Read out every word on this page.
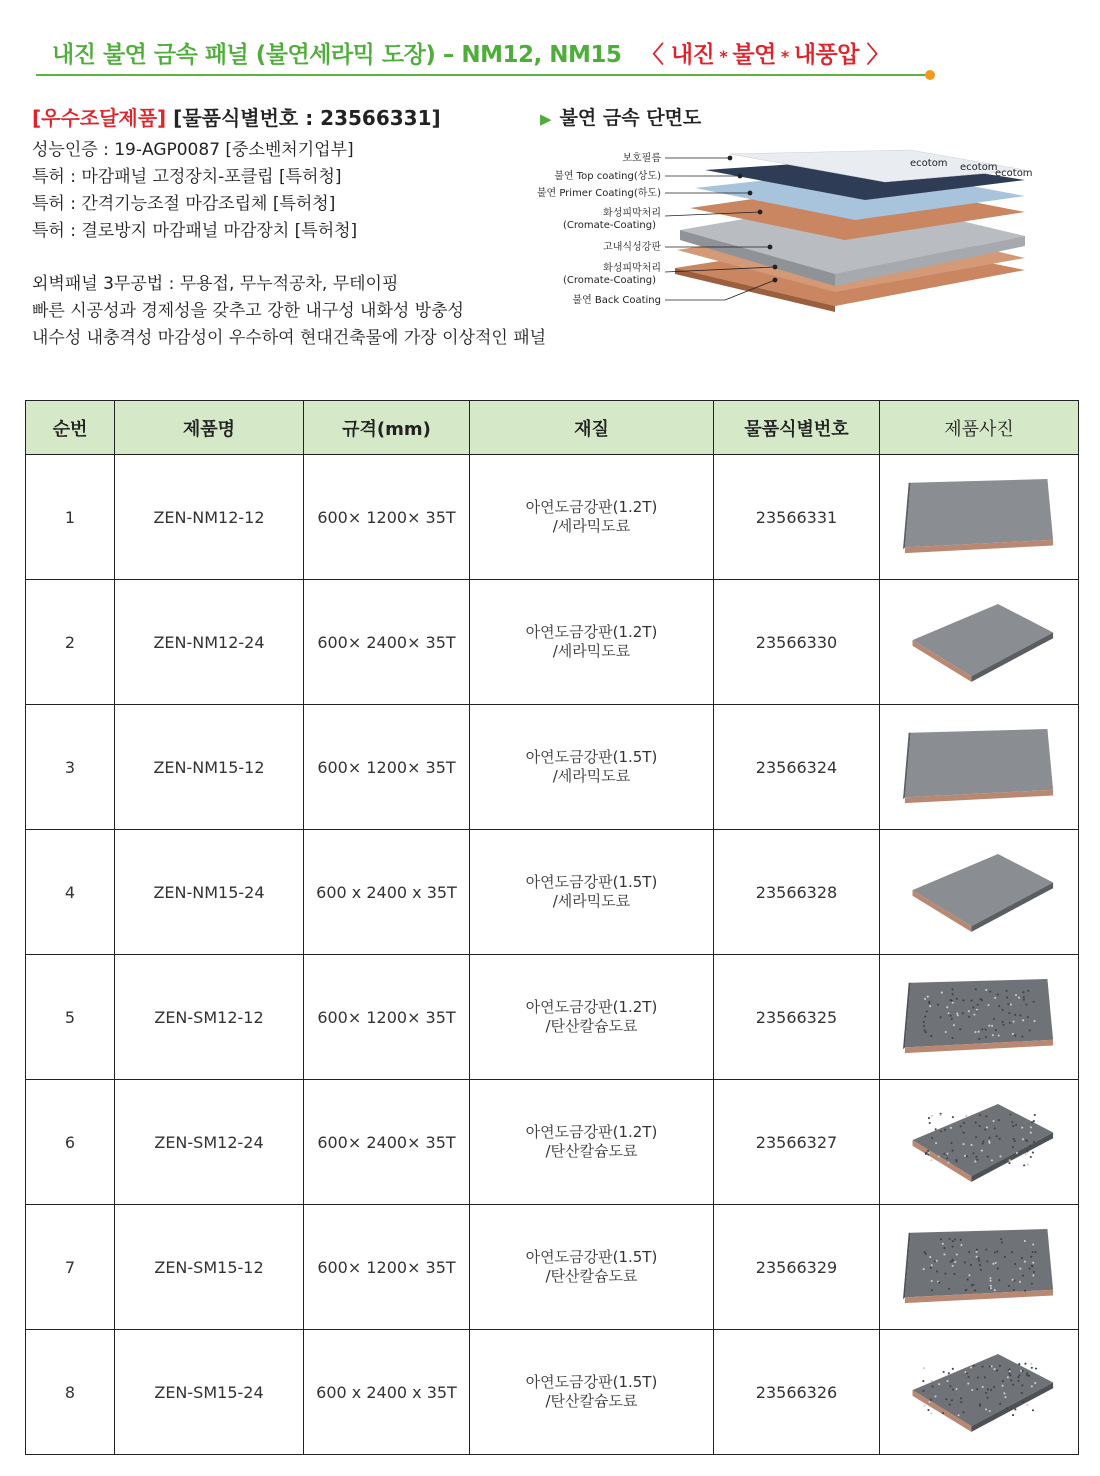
내진 불연 금속 패널 (불연세라믹 도장) – NM12, NM15 〈 내진 * 불연 * 내풍압 〉
[우수조달제품] [물품식별번호 : 23566331]
성능인증 : 19-AGP0087 [중소벤처기업부]
특허 : 마감패널 고정장치-포클립 [특허청]
특허 : 간격기능조절 마감조립체 [특허청]
특허 : 결로방지 마감패널 마감장치 [특허청]
외벽패널 3무공법 : 무용접, 무누적공차, 무테이핑
빠른 시공성과 경제성을 갖추고 강한 내구성 내화성 방충성
내수성 내충격성 마감성이 우수하여 현대건축물에 가장 이상적인 패널
▶ 불연 금속 단면도
ecotom ecotom
ecotom
보호필름
불연 Top coating(상도)
불연 Primer Coating(하도)
화성피막처리
(Cromate-Coating)
고내식성강판
화성피막처리
(Cromate-Coating)
불연 Back Coating
순번	제품명	규격(mm)	재질	물품식별번호	제품사진
1	ZEN-NM12-12	600× 1200× 35T	아연도금강판(1.2T)
/세라믹도료	23566331	

2	ZEN-NM12-24	600× 2400× 35T	아연도금강판(1.2T)
/세라믹도료	23566330	

3	ZEN-NM15-12	600× 1200× 35T	아연도금강판(1.5T)
/세라믹도료	23566324	

4	ZEN-NM15-24	600 x 2400 x 35T	아연도금강판(1.5T)
/세라믹도료	23566328	

5	ZEN-SM12-12	600× 1200× 35T	아연도금강판(1.2T)
/탄산칼슘도료	23566325	

6	ZEN-SM12-24	600× 2400× 35T	아연도금강판(1.2T)
/탄산칼슘도료	23566327	

7	ZEN-SM15-12	600× 1200× 35T	아연도금강판(1.5T)
/탄산칼슘도료	23566329	

8	ZEN-SM15-24	600 x 2400 x 35T	아연도금강판(1.5T)
/탄산칼슘도료	23566326	
